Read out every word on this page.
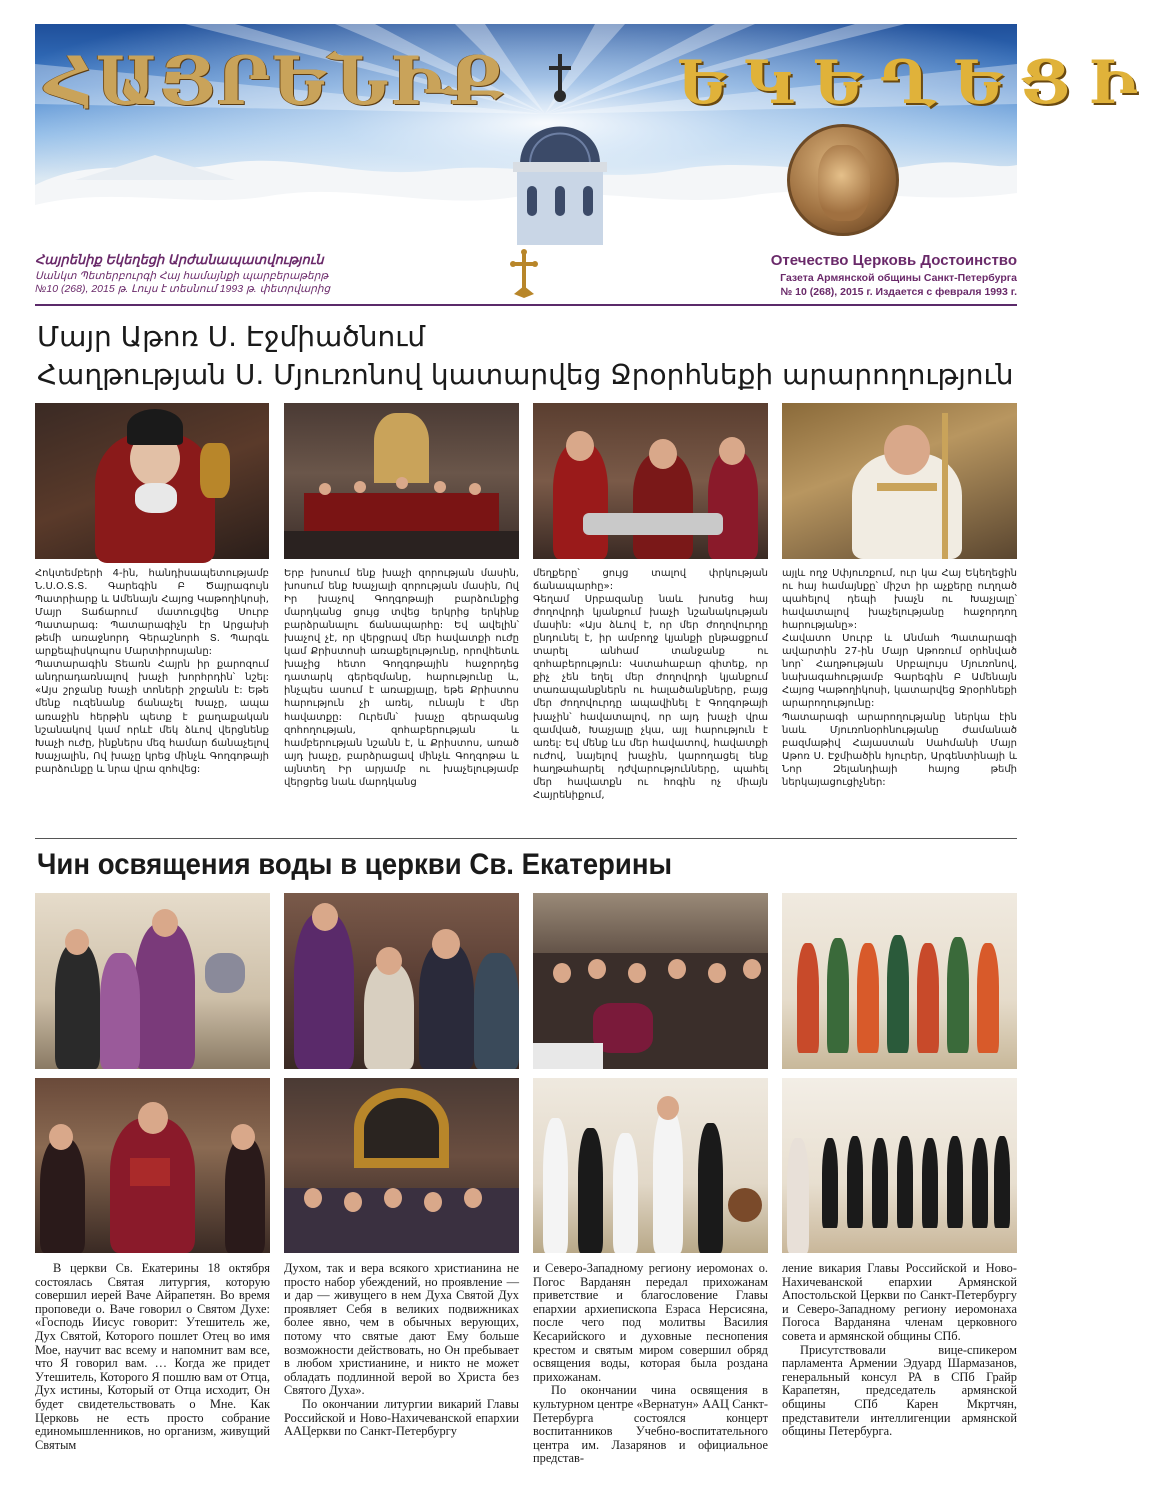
ՀԱՅՐԵՆԻՔ	ԵԿԵՂԵՑԻ
Հայրենիք Եկեղեցի Արժանապատվություն
Սանկտ Պետերբուրգի Հայ համայնքի պարբերաթերթ
№10 (268), 2015 թ. Լույս է տեսնում 1993 թ. փետրվարից
Отечество Церковь Достоинство
Газета Армянской общины Санкт-Петербурга
№ 10 (268), 2015 г. Издается с февраля 1993 г.
Մայր Աթոռ Ս. Էջմիածնում
Հաղթության Ս. Մյուռոնով կատարվեց Ջրօրհնեքի արարողություն

Հոկտեմբերի 4-ին, հանդիսապետությամբ Ն.Ս.Օ.Տ.Տ. Գարեգին Բ Ծայրագույն Պատրիարք և Ամենայն Հայոց Կաթողիկոսի, Մայր Տաճարում մատուցվեց Սուրբ Պատարագ: Պատարագիչն էր Արցախի թեմի առաջնորդ Գերաշնորհ Տ. Պարգև արքեպիսկոպոս Մարտիրոսյանը:

Պատարագին Տեառն Հայրն իր քարոզում անդրադառնալով խաչի խորհրդին՝ նշել: «Այս շրջանը Խաչի տոների շրջանն է: Եթե մենք ուզենանք ճանաչել Խաչը, ապա առաջին հերթին պետք է քաղաքական նշանակով կամ որևէ մեկ ձևով վերցնենք Խաչի ուժը, ինքներս մեզ համար ճանաչելով Խաչյալին, Ով խաչը կրեց մինչև Գողգոթայի բարձունքը և նրա վրա զոհվեց:

Երբ խոսում ենք խաչի զորության մասին, խոսում ենք Խաչյալի զորության մասին, Ով Իր խաչով Գողգոթայի բարձունքից մարդկանց ցույց տվեց երկրից երկինք բարձրանալու ճանապարհը: Եվ ավելին՝ խաչով չէ, որ վերցրավ մեր հավատքի ուժը կամ Քրիստոսի առաքելությունը, որովհետև խաչից հետո Գողգոթային հաջորդեց դատարկ գերեզմանը, հարությունը և, ինչպես ասում է առաքյալը, եթե Քրիստոս հարություն չի առել, ունայն է մեր հավատքը: Ուրեմն՝ խաչը գերազանց զոհողության, զոհաբերության և համբերության նշանն է, և Քրիստոս, առած այդ խաչը, բարձրացավ մինչև Գողգոթա և այնտեղ Իր արյամբ ու խաչելությամբ վերցրեց նաև մարդկանց

մեղքերը՝ ցույց տալով փրկության ճանապարհը»:

Գեղամ Սրբազանը նաև խոսեց հայ ժողովրդի կյանքում խաչի նշանակության մասին: «Այս ձևով է, որ մեր ժողովուրդը ընդունել է, իր ամբողջ կյանքի ընթացքում տարել անհամ տանջանք ու զոհաբերություն: Վստահաբար գիտեք, որ քիչ չեն եղել մեր ժողովրդի կյանքում տառապանքներն ու հալածանքները, բայց մեր ժողովուրդը ապավինել է Գողգոթայի խաչին՝ հավատալով, որ այդ խաչի վրա զամված, Խաչյալը չկա, այլ հարություն է առել: Եվ մենք ևս մեր հավատով, հավատքի ուժով, նայելով խաչին, կարողացել ենք հաղթահարել դժվարությունները, պահել մեր հավատքն ու հոգին ոչ միայն Հայրենիքում,

այլև ողջ Սփյուռքում, ուր կա Հայ Եկեղեցին ու հայ համայնքը՝ միշտ իր աչքերը ուղղած պահելով դեպի խաչն ու Խաչյալը՝ հավատալով խաչելությանը հաջորդող հարությանը»:

Հավատո Սուրբ և Անմահ Պատարագի ավարտին 27-ին Մայր Աթոռում օրհնված նոր՝ Հաղթության Սրբալույս Մյուռոնով, նախագահությամբ Գարեգին Բ Ամենայն Հայոց Կաթողիկոսի, կատարվեց Ջրօրհնեքի արարողությունը:

Պատարագի արարողությանը ներկա էին նաև Մյուռոնօրհնությանը ժամանած բազմաթիվ Հայաստան Սահմանի Մայր Աթոռ Ս. Էջմիածին հյուրեր, Արգենտինայի և Նոր Զելանդիայի հայոց թեմի ներկայացուցիչներ:

Чин освящения воды в церкви Св. Екатерины

В церкви Св. Екатерины 18 октября состоялась Святая литургия, которую совершил иерей Ваче Айрапетян. Во время проповеди о. Ваче говорил о Святом Духе: «Господь Иисус говорит: Утешитель же, Дух Святой, Которого пошлет Отец во имя Мое, научит вас всему и напомнит вам все, что Я говорил вам. … Когда же придет Утешитель, Которого Я пошлю вам от Отца, Дух истины, Который от Отца исходит, Он будет свидетельствовать о Мне. Как Церковь не есть просто собрание единомышленников, но организм, живущий Святым

Духом, так и вера всякого христианина не просто набор убеждений, но проявление — и дар — живущего в нем Духа Святой Дух проявляет Себя в великих подвижниках более явно, чем в обычных верующих, потому что святые дают Ему больше возможности действовать, но Он пребывает в любом христианине, и никто не может обладать подлинной верой во Христа без Святого Духа».

По окончании литургии викарий Главы Российской и Ново-Нахичеванской епархии ААЦеркви по Санкт-Петербургу

и Северо-Западному региону иеромонах о. Погос Варданян передал прихожанам приветствие и благословение Главы епархии архиепископа Езраса Нерсисяна, после чего под молитвы Василия Кесарийского и духовные песнопения крестом и святым миром совершил обряд освящения воды, которая была роздана прихожанам.

По окончании чина освящения в культурном центре «Вернатун» ААЦ Санкт-Петербурга состоялся концерт воспитанников Учебно-воспитательного центра им. Лазарянов и официальное представ-

ление викария Главы Российской и Ново-Нахичеванской епархии Армянской Апостольской Церкви по Санкт-Петербургу и Северо-Западному региону иеромонаха Погоса Варданяна членам церковного совета и армянской общины СПб.

Присутствовали вице-спикером парламента Армении Эдуард Шармазанов, генеральный консул РА в СПб Грайр Карапетян, председатель армянской общины СПб Карен Мкртчян, представители интеллигенции армянской общины Петербурга.
